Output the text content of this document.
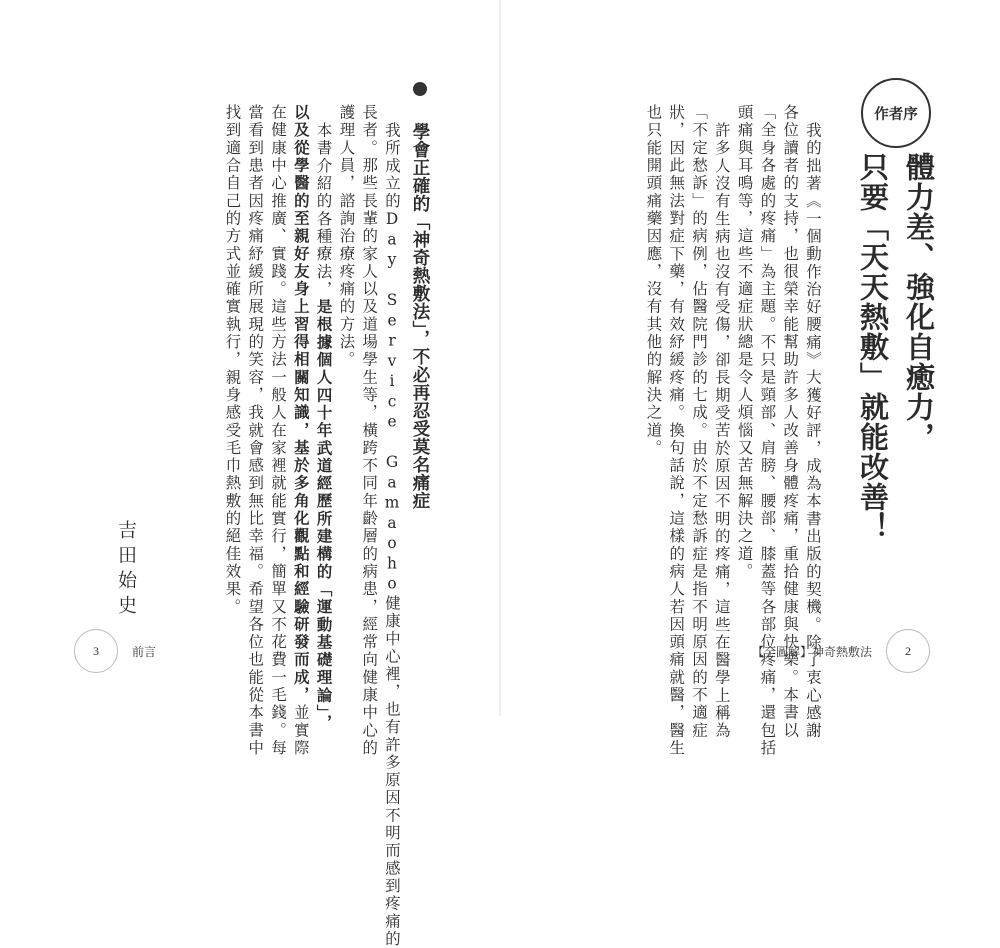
作者序
體力差、強化自癒力，
只要「天天熱敷」就能改善！

我的拙著《一個動作治好腰痛》大獲好評，成為本書出版的契機。除了衷心感謝

各位讀者的支持，也很榮幸能幫助許多人改善身體疼痛，重拾健康與快樂。本書以

「全身各處的疼痛」為主題。不只是頸部、肩膀、腰部、膝蓋等各部位疼痛，還包括

頭痛與耳鳴等，這些不適症狀總是令人煩惱又苦無解決之道。

許多人沒有生病也沒有受傷，卻長期受苦於原因不明的疼痛，這些在醫學上稱為

「不定愁訴」的病例，佔醫院門診的七成。由於不定愁訴症是指不明原因的不適症

狀，因此無法對症下藥，有效紓緩疼痛。換句話說，這樣的病人若因頭痛就醫，醫生

也只能開頭痛藥因應，沒有其他的解決之道。

【全圖解】神奇熱敷法	2
學會正確的「神奇熱敷法」，不必再忍受莫名痛症

我所成立的Day Service Gamaoho健康中心裡，也有許多原因不明而感到疼痛的

長者。那些長輩的家人以及道場學生等，橫跨不同年齡層的病患，經常向健康中心的

護理人員，諮詢治療疼痛的方法。

本書介紹的各種療法，是根據個人四十年武道經歷所建構的「運動基礎理論」，

以及從學醫的至親好友身上習得相關知識，基於多角化觀點和經驗研發而成，並實際

在健康中心推廣、實踐。這些方法一般人在家裡就能實行，簡單又不花費一毛錢。每

當看到患者因疼痛紓緩所展現的笑容，我就會感到無比幸福。希望各位也能從本書中

找到適合自己的方式並確實執行，親身感受毛巾熱敷的絕佳效果。

吉田始史
3	前言
